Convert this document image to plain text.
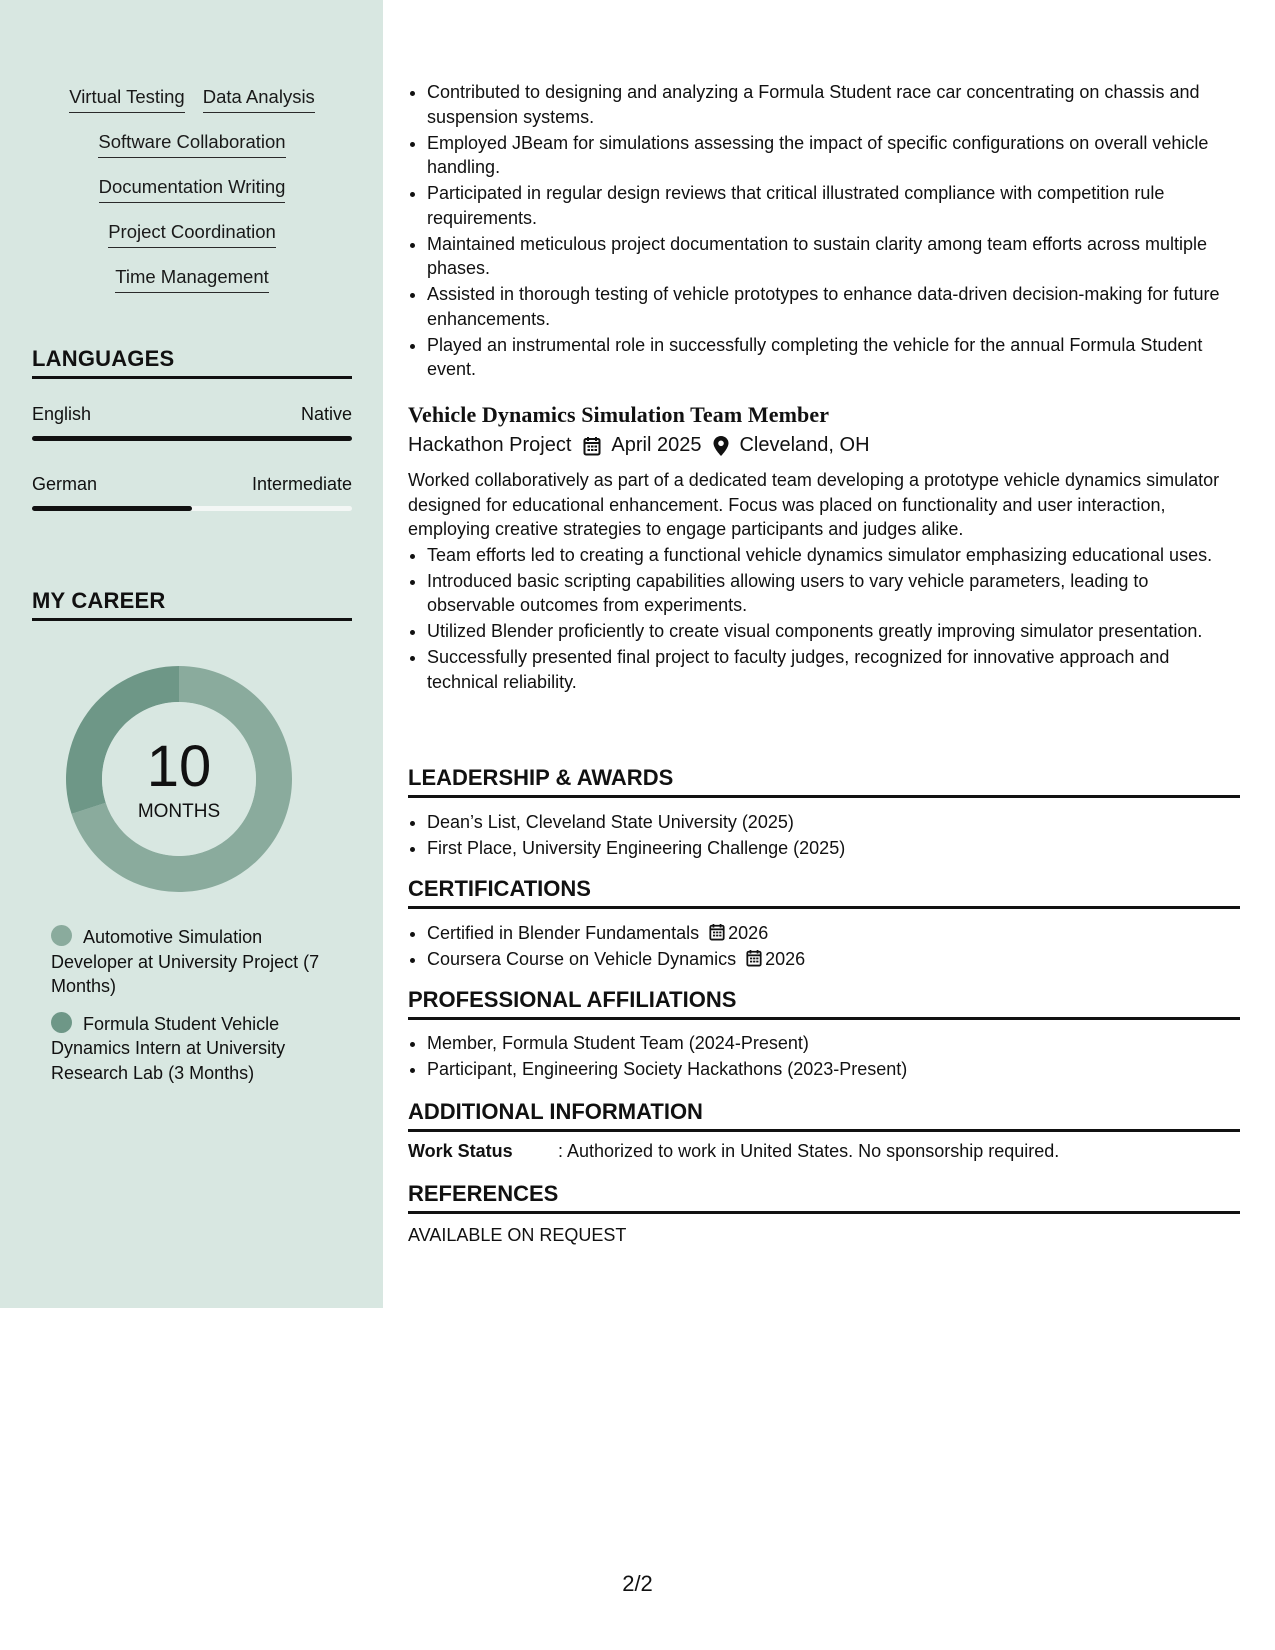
Virtual Testing Data Analysis
Software Collaboration
Documentation Writing
Project Coordination
Time Management
LANGUAGES
English	Native
German	Intermediate
MY CAREER
10
MONTHS
Automotive Simulation Developer at University Project (7 Months)
Formula Student Vehicle Dynamics Intern at University Research Lab (3 Months)
• Contributed to designing and analyzing a Formula Student race car concentrating on chassis and suspension systems.
• Employed JBeam for simulations assessing the impact of specific configurations on overall vehicle handling.
• Participated in regular design reviews that critical illustrated compliance with competition rule requirements.
• Maintained meticulous project documentation to sustain clarity among team efforts across multiple phases.
• Assisted in thorough testing of vehicle prototypes to enhance data-driven decision-making for future enhancements.
• Played an instrumental role in successfully completing the vehicle for the annual Formula Student event.
Vehicle Dynamics Simulation Team Member
Hackathon Project April 2025 Cleveland, OH
Worked collaboratively as part of a dedicated team developing a prototype vehicle dynamics simulator designed for educational enhancement. Focus was placed on functionality and user interaction, employing creative strategies to engage participants and judges alike.
• Team efforts led to creating a functional vehicle dynamics simulator emphasizing educational uses.
• Introduced basic scripting capabilities allowing users to vary vehicle parameters, leading to observable outcomes from experiments.
• Utilized Blender proficiently to create visual components greatly improving simulator presentation.
• Successfully presented final project to faculty judges, recognized for innovative approach and technical reliability.
LEADERSHIP & AWARDS
• Dean’s List, Cleveland State University (2025)
• First Place, University Engineering Challenge (2025)
CERTIFICATIONS
• Certified in Blender Fundamentals 2026
• Coursera Course on Vehicle Dynamics 2026
PROFESSIONAL AFFILIATIONS
• Member, Formula Student Team (2024-Present)
• Participant, Engineering Society Hackathons (2023-Present)
ADDITIONAL INFORMATION
Work Status	: Authorized to work in United States. No sponsorship required.
REFERENCES
AVAILABLE ON REQUEST
2/2
